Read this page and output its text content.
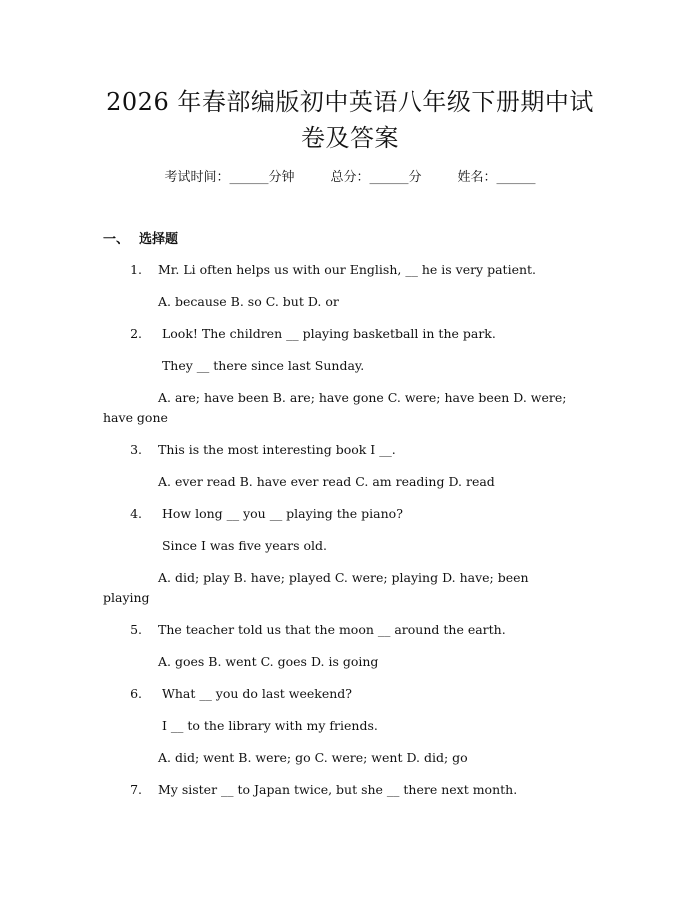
2026 年春部编版初中英语八年级下册期中试
卷及答案
考试时间：______分钟	总分：______分	姓名：______
一、 选择题
1. Mr. Li often helps us with our English, __ he is very patient.
A. because B. so C. but D. or
2. Look! The children __ playing basketball in the park.
They __ there since last Sunday.
A. are; have been B. are; have gone C. were; have been D. were;
have gone
3. This is the most interesting book I __.
A. ever read B. have ever read C. am reading D. read
4. How long __ you __ playing the piano?
Since I was five years old.
A. did; play B. have; played C. were; playing D. have; been
playing
5. The teacher told us that the moon __ around the earth.
A. goes B. went C. goes D. is going
6. What __ you do last weekend?
I __ to the library with my friends.
A. did; went B. were; go C. were; went D. did; go
7. My sister __ to Japan twice, but she __ there next month.
